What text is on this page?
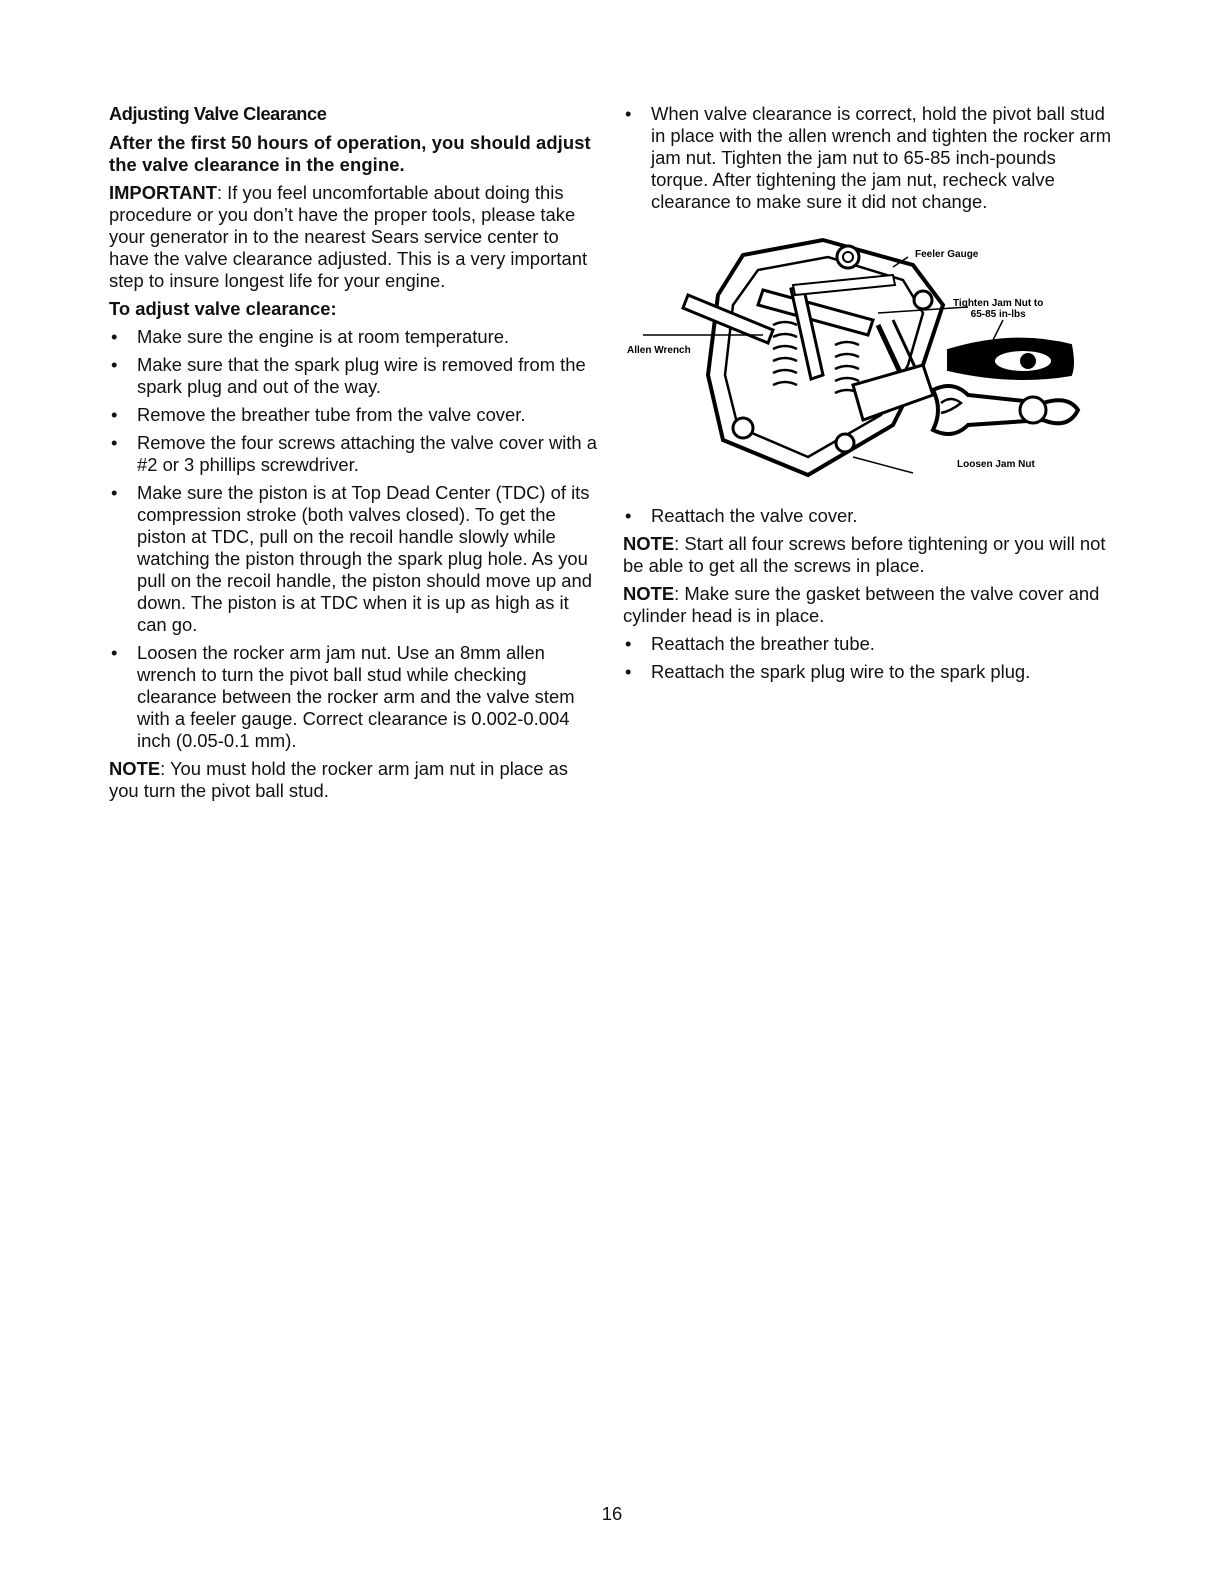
Adjusting Valve Clearance

After the first 50 hours of operation, you should adjust the valve clearance in the engine.

IMPORTANT: If you feel uncomfortable about doing this procedure or you don’t have the proper tools, please take your generator in to the nearest Sears service center to have the valve clearance adjusted. This is a very important step to insure longest life for your engine.

To adjust valve clearance:

• Make sure the engine is at room temperature.
• Make sure that the spark plug wire is removed from the spark plug and out of the way.
• Remove the breather tube from the valve cover.
• Remove the four screws attaching the valve cover with a #2 or 3 phillips screwdriver.
• Make sure the piston is at Top Dead Center (TDC) of its compression stroke (both valves closed). To get the piston at TDC, pull on the recoil handle slowly while watching the piston through the spark plug hole. As you pull on the recoil handle, the piston should move up and down. The piston is at TDC when it is up as high as it can go.
• Loosen the rocker arm jam nut. Use an 8mm allen wrench to turn the pivot ball stud while checking clearance between the rocker arm and the valve stem with a feeler gauge. Correct clearance is 0.002-0.004 inch (0.05-0.1 mm).

NOTE: You must hold the rocker arm jam nut in place as you turn the pivot ball stud.

• When valve clearance is correct, hold the pivot ball stud in place with the allen wrench and tighten the rocker arm jam nut. Tighten the jam nut to 65-85 inch-pounds torque. After tightening the jam nut, recheck valve clearance to make sure it did not change.
Feeler Gauge
Tighten Jam Nut to
65-85 in-lbs
Allen Wrench
Loosen Jam Nut
• Reattach the valve cover.

NOTE: Start all four screws before tightening or you will not be able to get all the screws in place.

NOTE: Make sure the gasket between the valve cover and cylinder head is in place.

• Reattach the breather tube.
• Reattach the spark plug wire to the spark plug.
16
